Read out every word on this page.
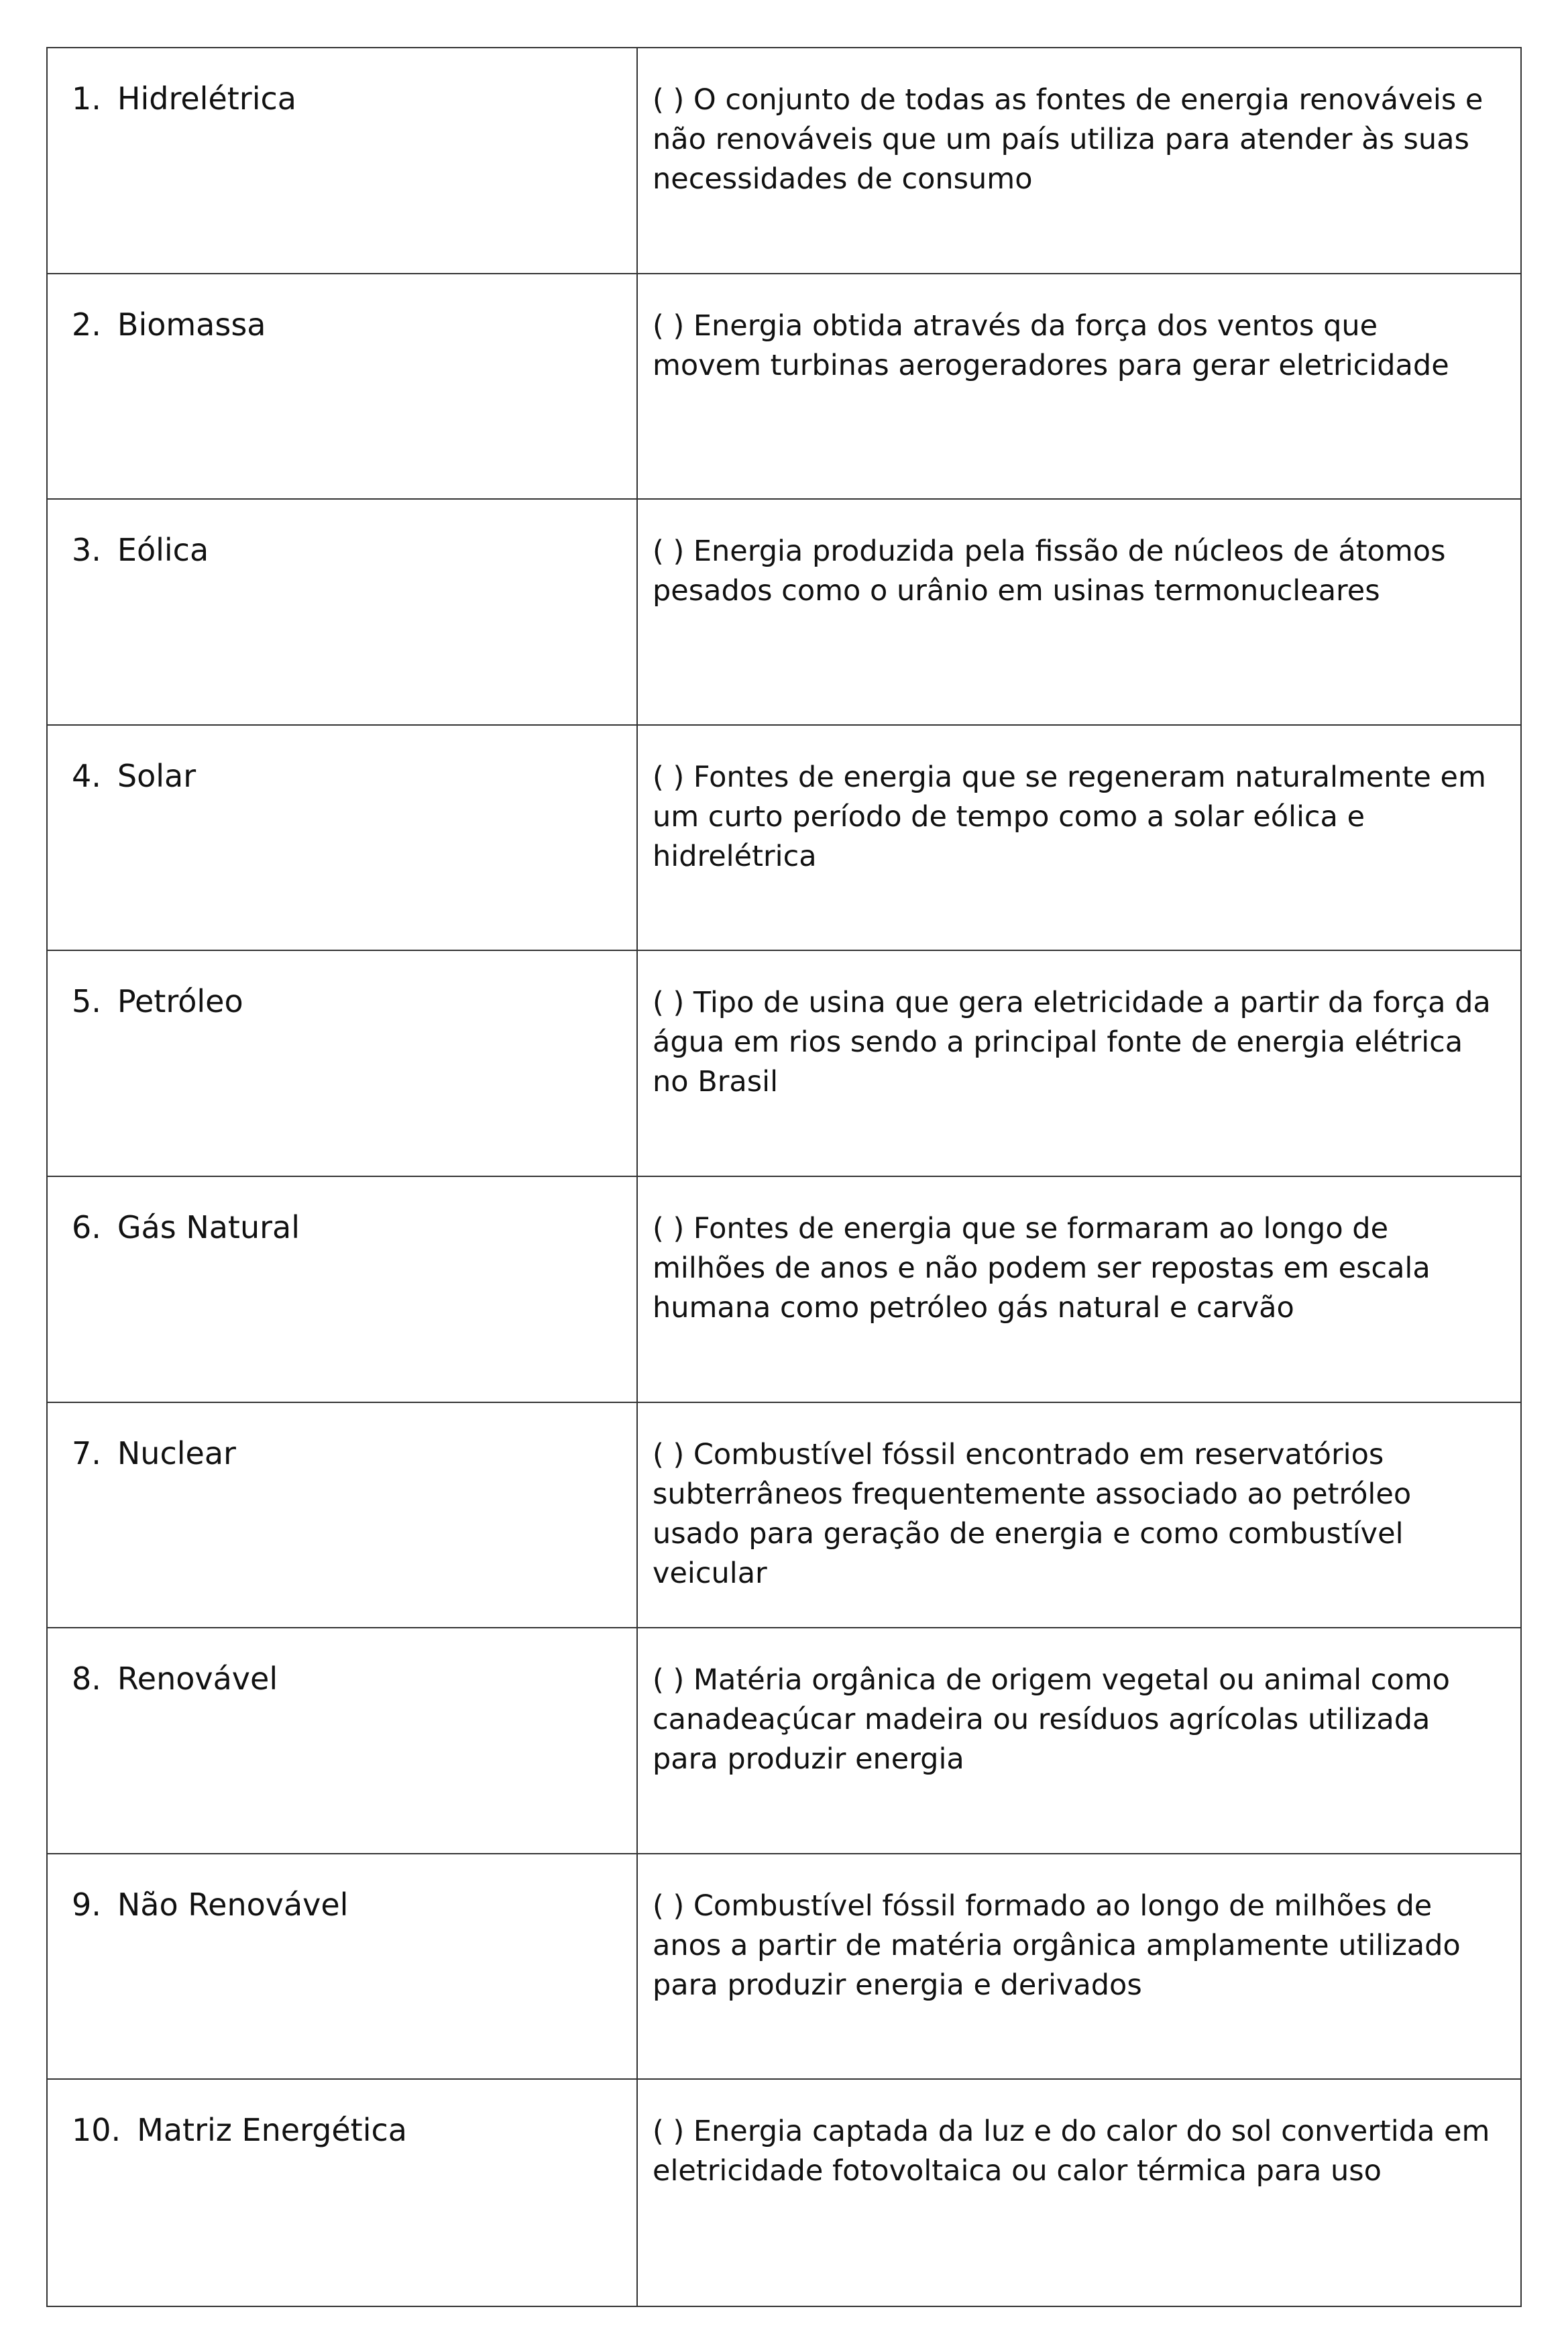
1. Hidrelétrica	( ) O conjunto de todas as fontes de energia renováveis e não renováveis que um país utiliza para atender às suas necessidades de consumo
2. Biomassa	( ) Energia obtida através da força dos ventos que movem turbinas aerogeradores para gerar eletricidade
3. Eólica	( ) Energia produzida pela fissão de núcleos de átomos pesados como o urânio em usinas termonucleares
4. Solar	( ) Fontes de energia que se regeneram naturalmente em um curto período de tempo como a solar eólica e hidrelétrica
5. Petróleo	( ) Tipo de usina que gera eletricidade a partir da força da água em rios sendo a principal fonte de energia elétrica no Brasil
6. Gás Natural	( ) Fontes de energia que se formaram ao longo de milhões de anos e não podem ser repostas em escala humana como petróleo gás natural e carvão
7. Nuclear	( ) Combustível fóssil encontrado em reservatórios subterrâneos frequentemente associado ao petróleo usado para geração de energia e como combustível veicular
8. Renovável	( ) Matéria orgânica de origem vegetal ou animal como canadeaçúcar madeira ou resíduos agrícolas utilizada para produzir energia
9. Não Renovável	( ) Combustível fóssil formado ao longo de milhões de anos a partir de matéria orgânica amplamente utilizado para produzir energia e derivados
10. Matriz Energética	( ) Energia captada da luz e do calor do sol convertida em eletricidade fotovoltaica ou calor térmica para uso
